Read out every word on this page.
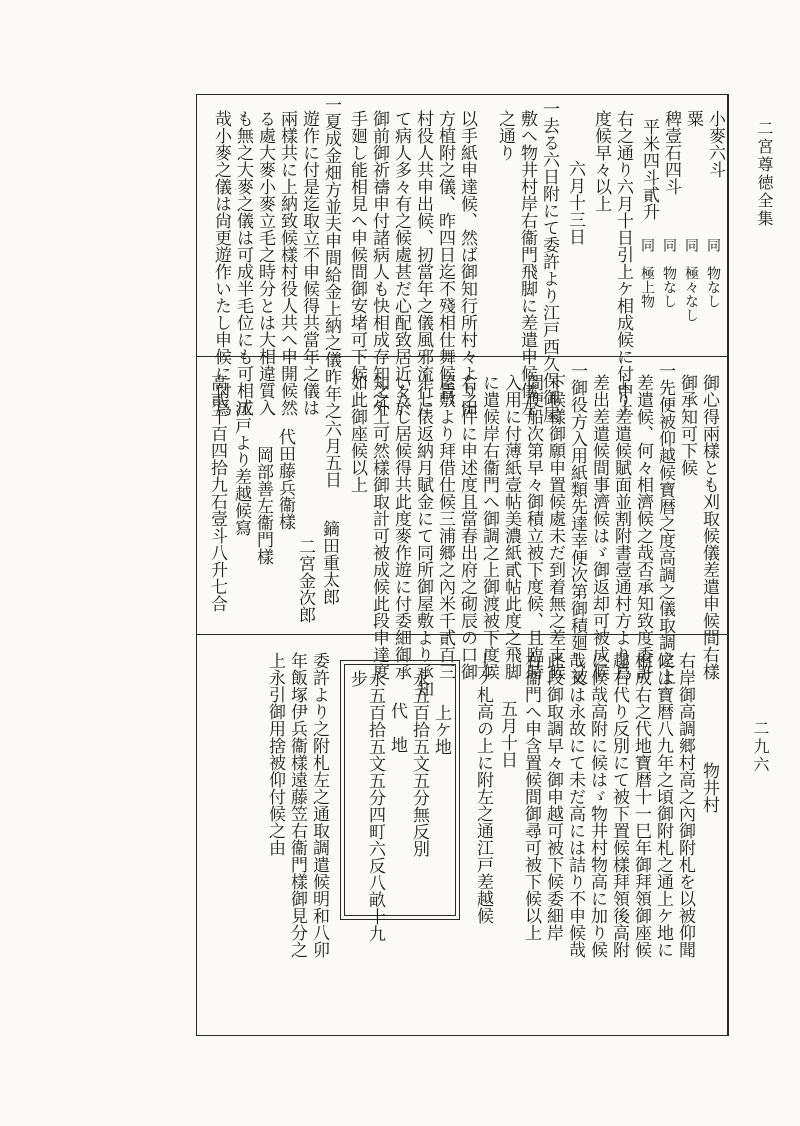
二宮尊徳全集
二九六
小麥六斗
同　物なし
粟
同　極々なし
稗壹石四斗
同　物なし
平米四斗貳升
同　極上物
右之通り六月十日引上ケ相成候に付申上
度候早々以上
六月十三日
一去る六日附にて委許より江戸西久保御屋
敷へ物井村岸右衞門飛脚に差遣申候儀左
之通り
以手紙申達候、然ば御知行所村々より田
方植附之儀、昨四日迄不殘相仕舞候旨、
村役人共申出候、扨當年之儀風邪流行に
て病人多々有之候處甚だ心配致居近々於
御前御祈禱申付諸病人も快相成存知之外
手廻し能相見へ申候間御安堵可下候
一夏成金畑方並夫申間給金上納之儀昨年之
遊作に付是迄取立不申候得共當年之儀は
兩樣共に上納致候樣村役人共へ申開候然
る處大麥小麥立毛之時分とは大相違質入
も無之大麥之儀は可成半毛位にも可相成
哉小麥之儀は尙更遊作いたし申候に付爲
御心得兩樣とも刈取候儀差遣申候間右樣
御承知可下候
一先便被仰越候寶暦之度高調之儀取調之上
差遣候、何々相濟候之哉否承知致度委許
より差遣候賦面並割附書壹通村方より爲
差出差遣候間事濟候はゞ御返却可被成候
一御役方入用紙類先達幸便次第御積廻し被
下候樣御願申置候處未だ到着無之差支候
間便船次第早々御積立被下度候、且臨時
入用に付薄紙壹帖美濃紙貳帖此度之飛脚
に遣候岸右衞門へ御調之上御渡被下度候
右之件に申述度且當春出府之砌辰の口御
屋敷より拜借仕候三浦郷之內米千貳百三
十七俵返納月賦金にて同所御屋敷より承知
いたし居候得共此度麥作遊に付委細御承
知之上可然樣御取計可被成候此段申達度
如此御座候以上
六月五日
鏑田重太郎
二宮金次郎
代田藤兵衞樣
岡部善左衞門樣
江戸より差越候寫
高貳千百四拾九石壹斗八升七合
物井村
右岸御高調郷村高之內御附札を以被仰聞
候は寶暦八九年之頃御附札之通上ケ地に
相成右之代地寶暦十一巳年御拜領御座候
趣右代り反別にて被下置候樣拜領後高附
に候哉高附に候はゞ物井村物高に加り候
哉又は永故にて未だ高には詰り不申候哉
此段御取調早々御申越可被下候委細岸
右衞門へ申含置候間御尋可被下候以上
五月十日
上ケ札高の上に附左之通江戸差越候
上ケ地
永五百拾五文五分無反別
代　地
永五百拾五文五分四町六反八畝十九
步
委許より之附札左之通取調遣候明和八卯
年飯塚伊兵衞樣遠藤笠右衞門樣御見分之
上永引御用捨被仰付候之由
